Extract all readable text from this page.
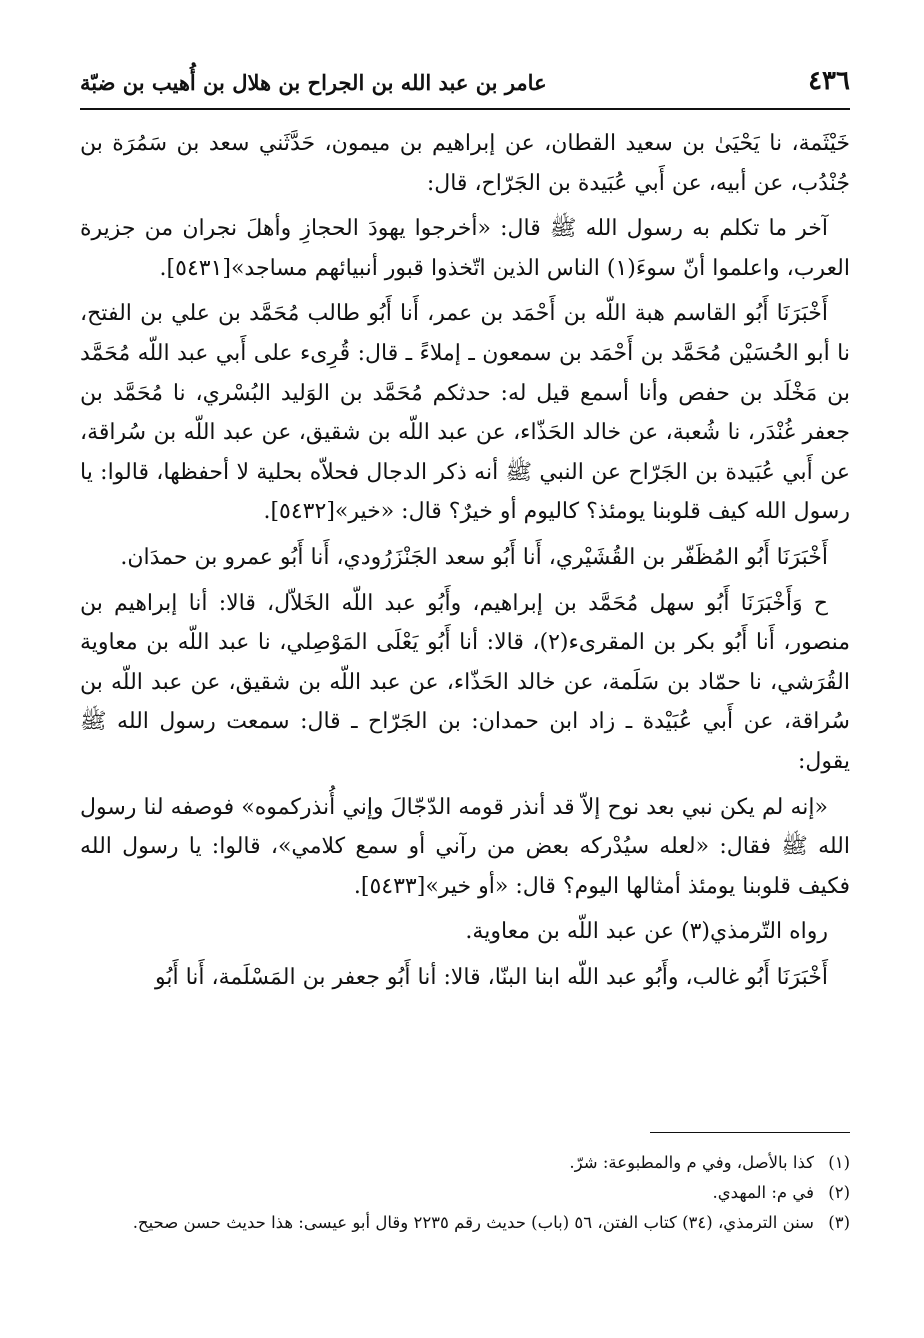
٤٣٦
عامر بن عبد الله بن الجراح بن هلال بن أُهيب بن ضبّة

خَيْثَمة، نا يَحْيَىٰ بن سعيد القطان، عن إبراهيم بن ميمون، حَدَّثَني سعد بن سَمُرَة بن جُنْدُب، عن أبيه، عن أَبي عُبَيدة بن الجَرّاح، قال:

آخر ما تكلم به رسول الله ﷺ قال: «أخرجوا يهودَ الحجازِ وأهلَ نجران من جزيرة العرب، واعلموا أنّ سوءَ(١) الناس الذين اتّخذوا قبور أنبيائهم مساجد»[٥٤٣١].

أَخْبَرَنَا أَبُو القاسم هبة اللّه بن أَحْمَد بن عمر، أَنا أَبُو طالب مُحَمَّد بن علي بن الفتح، نا أبو الحُسَيْن مُحَمَّد بن أَحْمَد بن سمعون ـ إملاءً ـ قال: قُرِىء على أَبي عبد اللّه مُحَمَّد بن مَخْلَد بن حفص وأنا أسمع قيل له: حدثكم مُحَمَّد بن الوَليد البُسْري، نا مُحَمَّد بن جعفر غُنْدَر، نا شُعبة، عن خالد الحَذّاء، عن عبد اللّه بن شقيق، عن عبد اللّه بن سُراقة، عن أَبي عُبَيدة بن الجَرّاح عن النبي ﷺ أنه ذكر الدجال فحلاّه بحلية لا أحفظها، قالوا: يا رسول الله كيف قلوبنا يومئذ؟ كاليوم أو خيرٌ؟ قال: «خير»[٥٤٣٢].

أَخْبَرَنَا أَبُو المُظَفّر بن القُشَيْري، أَنا أَبُو سعد الجَنْزَرُودي، أَنا أَبُو عمرو بن حمدَان.

ح وَأَخْبَرَنَا أَبُو سهل مُحَمَّد بن إبراهيم، وأَبُو عبد اللّه الخَلاّل، قالا: أنا إبراهيم بن منصور، أَنا أَبُو بكر بن المقرىء(٢)، قالا: أنا أَبُو يَعْلَى المَوْصِلي، نا عبد اللّه بن معاوية القُرَشي، نا حمّاد بن سَلَمة، عن خالد الحَذّاء، عن عبد اللّه بن شقيق، عن عبد اللّه بن سُراقة، عن أَبي عُبَيْدة ـ زاد ابن حمدان: بن الجَرّاح ـ قال: سمعت رسول الله ﷺ يقول:

«إنه لم يكن نبي بعد نوح إلاّ قد أنذر قومه الدّجّالَ وإني أُنذركموه» فوصفه لنا رسول الله ﷺ فقال: «لعله سيُدْركه بعض من رآني أو سمع كلامي»، قالوا: يا رسول الله فكيف قلوبنا يومئذ أمثالها اليوم؟ قال: «أو خير»[٥٤٣٣].

رواه التّرمذي(٣) عن عبد اللّه بن معاوية.

أَخْبَرَنَا أَبُو غالب، وأَبُو عبد اللّه ابنا البنّا، قالا: أنا أَبُو جعفر بن المَسْلَمة، أَنا أَبُو

(١)
كذا بالأصل، وفي م والمطبوعة: شرّ.
(٢)
في م: المهدي.
(٣)
سنن الترمذي، (٣٤) كتاب الفتن، ٥٦ (باب) حديث رقم ٢٢٣٥ وقال أبو عيسى: هذا حديث حسن صحيح.
